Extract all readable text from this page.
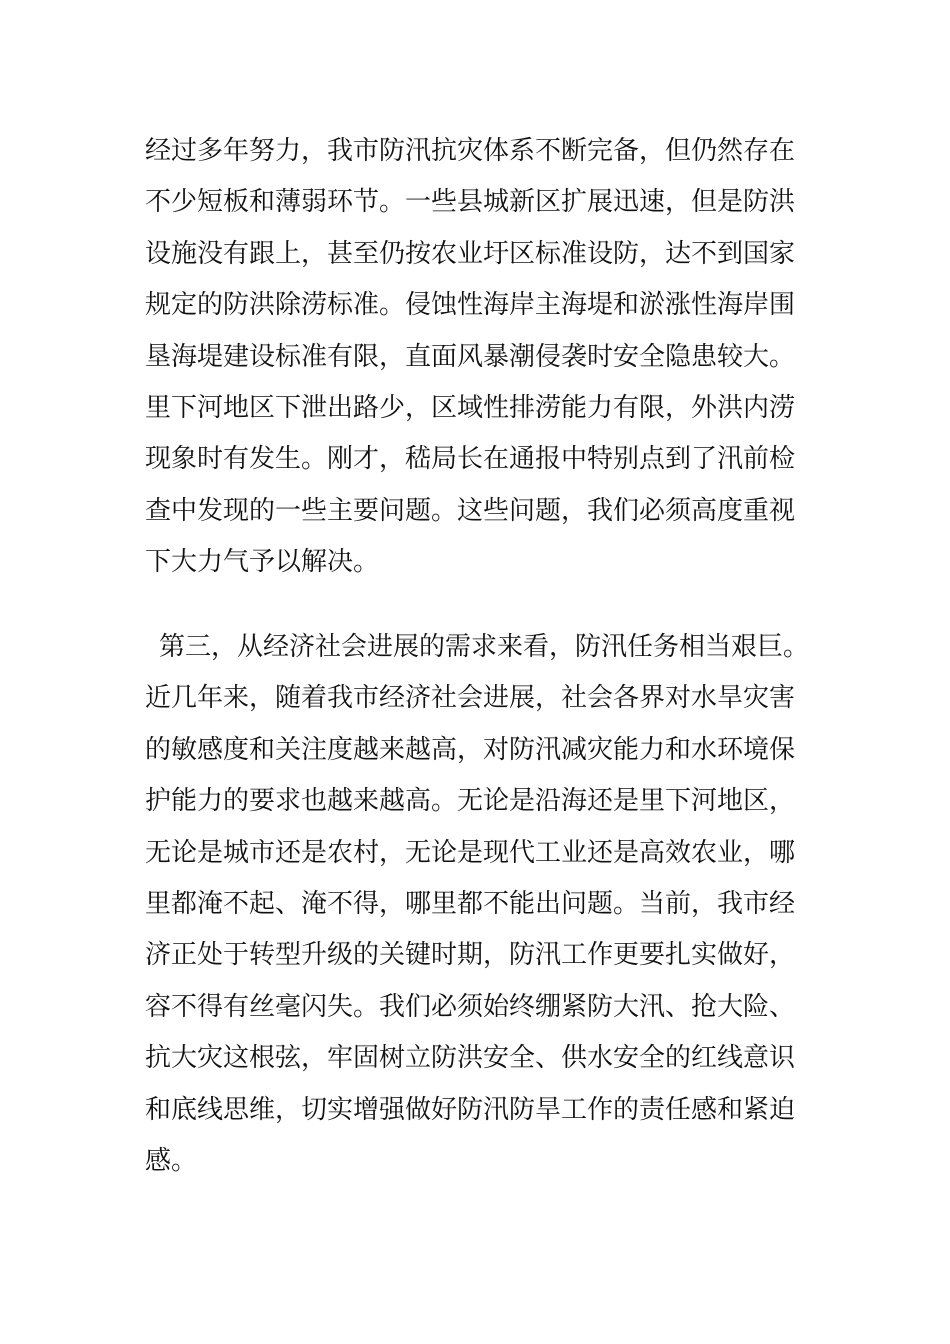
经过多年努力，我市防汛抗灾体系不断完备，但仍然存在
不少短板和薄弱环节。一些县城新区扩展迅速，但是防洪
设施没有跟上，甚至仍按农业圩区标准设防，达不到国家
规定的防洪除涝标准。侵蚀性海岸主海堤和淤涨性海岸围
垦海堤建设标准有限，直面风暴潮侵袭时安全隐患较大。
里下河地区下泄出路少，区域性排涝能力有限，外洪内涝
现象时有发生。刚才，嵇局长在通报中特别点到了汛前检
查中发现的一些主要问题。这些问题，我们必须高度重视
下大力气予以解决。
第三，从经济社会进展的需求来看，防汛任务相当艰巨。
近几年来，随着我市经济社会进展，社会各界对水旱灾害
的敏感度和关注度越来越高，对防汛减灾能力和水环境保
护能力的要求也越来越高。无论是沿海还是里下河地区，
无论是城市还是农村，无论是现代工业还是高效农业，哪
里都淹不起、淹不得，哪里都不能出问题。当前，我市经
济正处于转型升级的关键时期，防汛工作更要扎实做好，
容不得有丝毫闪失。我们必须始终绷紧防大汛、抢大险、
抗大灾这根弦，牢固树立防洪安全、供水安全的红线意识
和底线思维，切实增强做好防汛防旱工作的责任感和紧迫
感。
